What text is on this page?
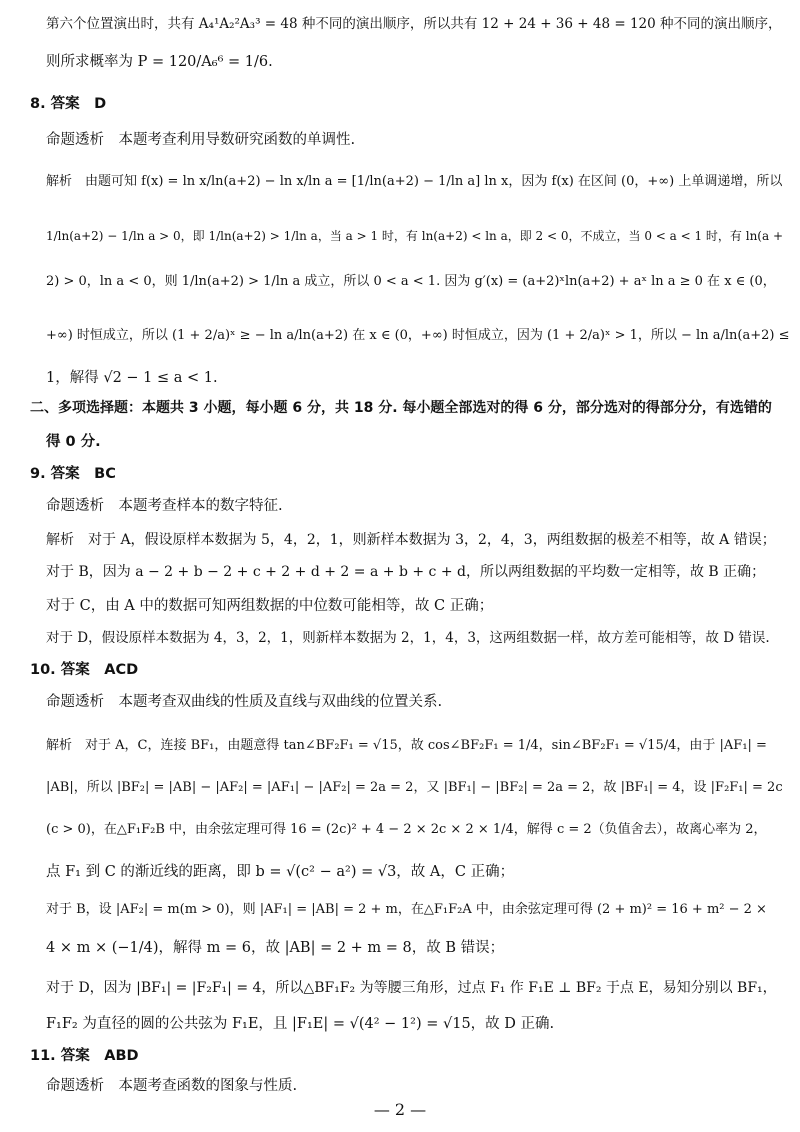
第六个位置演出时，共有 A₄¹A₂²A₃³ = 48 种不同的演出顺序，所以共有 12 + 24 + 36 + 48 = 120 种不同的演出顺序，
则所求概率为 P = 120/A₆⁶ = 1/6.
8. 答案　D
命题透析　本题考查利用导数研究函数的单调性.
解析　由题可知 f(x) = ln x/ln(a+2) − ln x/ln a = [1/ln(a+2) − 1/ln a] ln x，因为 f(x) 在区间 (0，+∞) 上单调递增，所以
1/ln(a+2) − 1/ln a > 0，即 1/ln(a+2) > 1/ln a，当 a > 1 时，有 ln(a+2) < ln a，即 2 < 0，不成立，当 0 < a < 1 时，有 ln(a +
2) > 0，ln a < 0，则 1/ln(a+2) > 1/ln a 成立，所以 0 < a < 1. 因为 g′(x) = (a+2)ˣln(a+2) + aˣ ln a ≥ 0 在 x ∈ (0，
+∞) 时恒成立，所以 (1 + 2/a)ˣ ≥ − ln a/ln(a+2) 在 x ∈ (0，+∞) 时恒成立，因为 (1 + 2/a)ˣ > 1，所以 − ln a/ln(a+2) ≤
1，解得 √2 − 1 ≤ a < 1.
二、多项选择题：本题共 3 小题，每小题 6 分，共 18 分. 每小题全部选对的得 6 分，部分选对的得部分分，有选错的
得 0 分.
9. 答案　BC
命题透析　本题考查样本的数字特征.
解析　对于 A，假设原样本数据为 5，4，2，1，则新样本数据为 3，2，4，3，两组数据的极差不相等，故 A 错误；
对于 B，因为 a − 2 + b − 2 + c + 2 + d + 2 = a + b + c + d，所以两组数据的平均数一定相等，故 B 正确；
对于 C，由 A 中的数据可知两组数据的中位数可能相等，故 C 正确；
对于 D，假设原样本数据为 4，3，2，1，则新样本数据为 2，1，4，3，这两组数据一样，故方差可能相等，故 D 错误.
10. 答案　ACD
命题透析　本题考查双曲线的性质及直线与双曲线的位置关系.
解析　对于 A，C，连接 BF₁，由题意得 tan∠BF₂F₁ = √15，故 cos∠BF₂F₁ = 1/4，sin∠BF₂F₁ = √15/4，由于 |AF₁| =
|AB|，所以 |BF₂| = |AB| − |AF₂| = |AF₁| − |AF₂| = 2a = 2，又 |BF₁| − |BF₂| = 2a = 2，故 |BF₁| = 4，设 |F₂F₁| = 2c
(c > 0)，在△F₁F₂B 中，由余弦定理可得 16 = (2c)² + 4 − 2 × 2c × 2 × 1/4，解得 c = 2（负值舍去），故离心率为 2，
点 F₁ 到 C 的渐近线的距离，即 b = √(c² − a²) = √3，故 A，C 正确；
对于 B，设 |AF₂| = m(m > 0)，则 |AF₁| = |AB| = 2 + m，在△F₁F₂A 中，由余弦定理可得 (2 + m)² = 16 + m² − 2 ×
4 × m × (−1/4)，解得 m = 6，故 |AB| = 2 + m = 8，故 B 错误；
对于 D，因为 |BF₁| = |F₂F₁| = 4，所以△BF₁F₂ 为等腰三角形，过点 F₁ 作 F₁E ⊥ BF₂ 于点 E，易知分别以 BF₁，
F₁F₂ 为直径的圆的公共弦为 F₁E，且 |F₁E| = √(4² − 1²) = √15，故 D 正确.
11. 答案　ABD
命题透析　本题考查函数的图象与性质.
— 2 —
